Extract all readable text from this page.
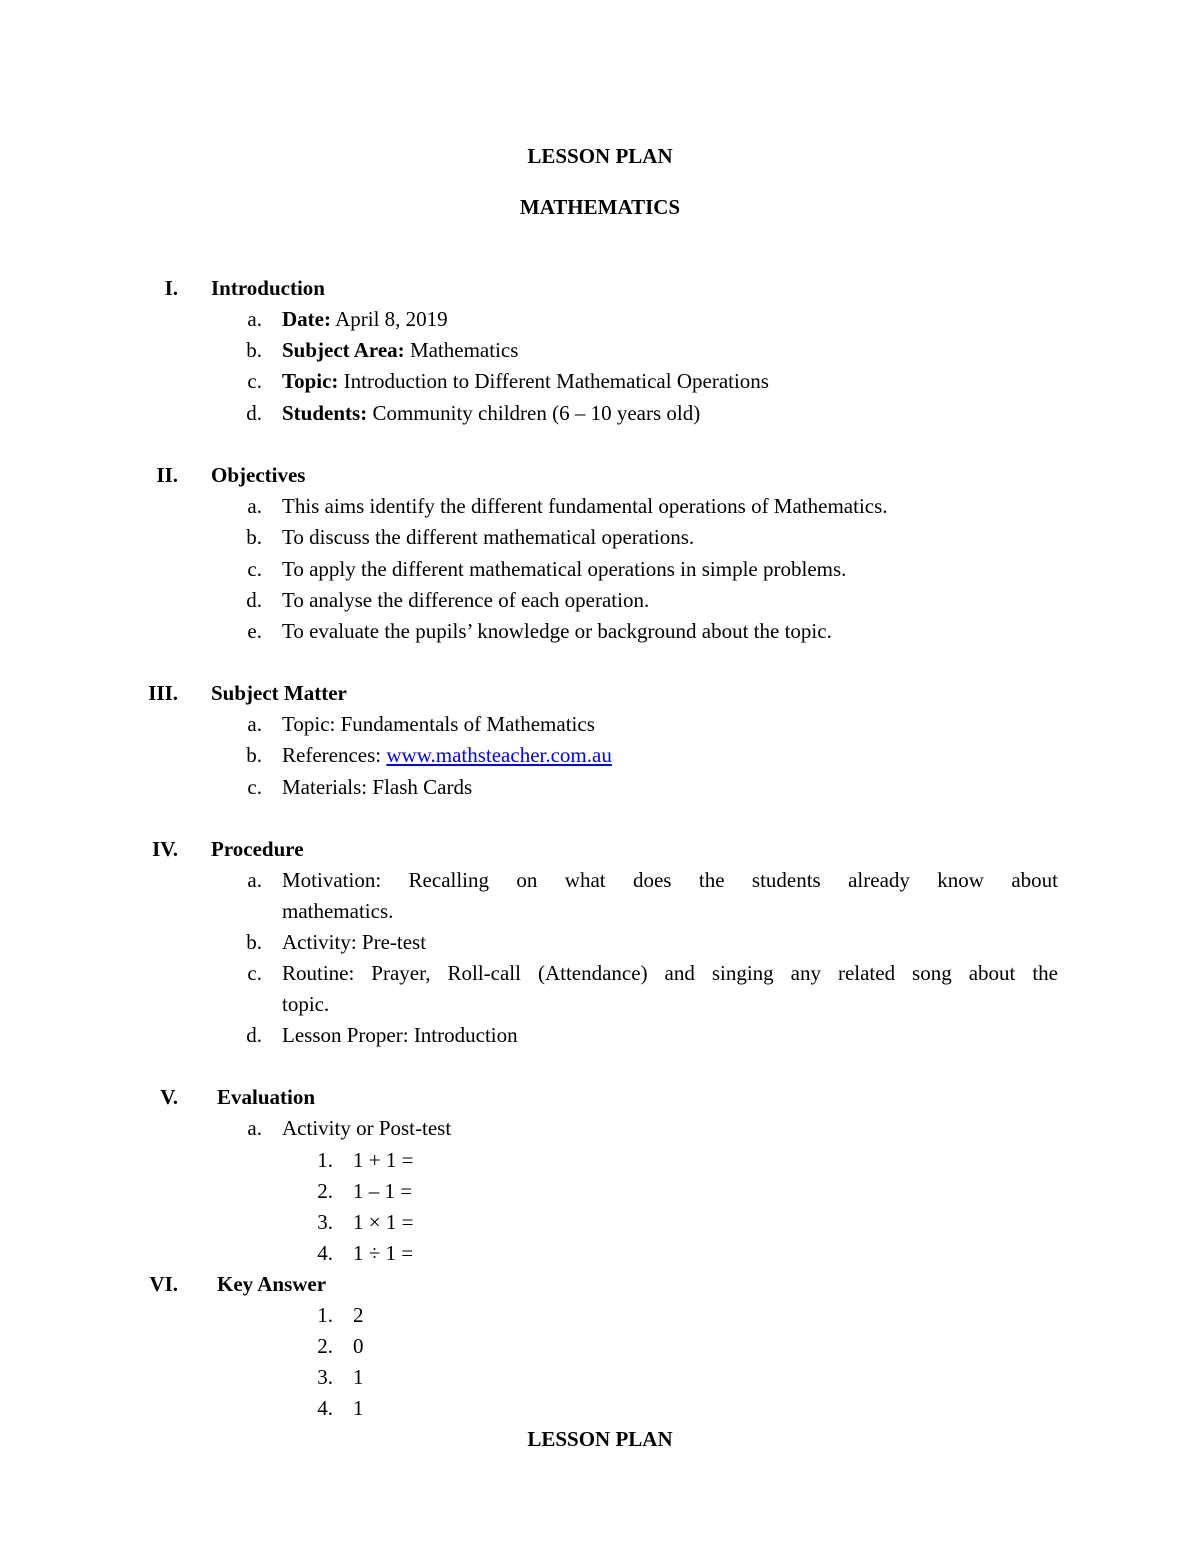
LESSON PLAN
MATHEMATICS
I. Introduction
a. Date: April 8, 2019
b. Subject Area: Mathematics
c. Topic: Introduction to Different Mathematical Operations
d. Students: Community children (6 – 10 years old)
II. Objectives
a. This aims identify the different fundamental operations of Mathematics.
b. To discuss the different mathematical operations.
c. To apply the different mathematical operations in simple problems.
d. To analyse the difference of each operation.
e. To evaluate the pupils’ knowledge or background about the topic.
III. Subject Matter
a. Topic: Fundamentals of Mathematics
b. References: www.mathsteacher.com.au
c. Materials: Flash Cards
IV. Procedure
a. Motivation: Recalling on what does the students already know about
mathematics.
b. Activity: Pre-test
c. Routine: Prayer, Roll-call (Attendance) and singing any related song about the
topic.
d. Lesson Proper: Introduction
V. Evaluation
a. Activity or Post-test
1. 1 + 1 =
2. 1 – 1 =
3. 1 × 1 =
4. 1 ÷ 1 =
VI. Key Answer
1. 2
2. 0
3. 1
4. 1
LESSON PLAN
